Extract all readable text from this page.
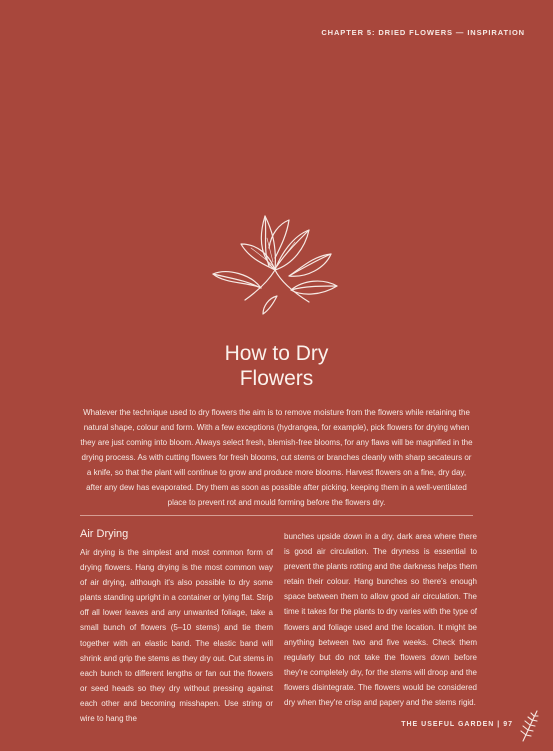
CHAPTER 5: DRIED FLOWERS — INSPIRATION
How to Dry
Flowers
Whatever the technique used to dry flowers the aim is to remove moisture from the flowers while retaining the natural shape, colour and form. With a few exceptions (hydrangea, for example), pick flowers for drying when they are just coming into bloom. Always select fresh, blemish-free blooms, for any flaws will be magnified in the drying process. As with cutting flowers for fresh blooms, cut stems or branches cleanly with sharp secateurs or a knife, so that the plant will continue to grow and produce more blooms. Harvest flowers on a fine, dry day, after any dew has evaporated. Dry them as soon as possible after picking, keeping them in a well-ventilated place to prevent rot and mould forming before the flowers dry.
Air Drying

Air drying is the simplest and most common form of drying flowers. Hang drying is the most common way of air drying, although it's also possible to dry some plants standing upright in a container or lying flat. Strip off all lower leaves and any unwanted foliage, take a small bunch of flowers (5–10 stems) and tie them together with an elastic band. The elastic band will shrink and grip the stems as they dry out. Cut stems in each bunch to different lengths or fan out the flowers or seed heads so they dry without pressing against each other and becoming misshapen. Use string or wire to hang the

bunches upside down in a dry, dark area where there is good air circulation. The dryness is essential to prevent the plants rotting and the darkness helps them retain their colour. Hang bunches so there's enough space between them to allow good air circulation. The time it takes for the plants to dry varies with the type of flowers and foliage used and the location. It might be anything between two and five weeks. Check them regularly but do not take the flowers down before they're completely dry, for the stems will droop and the flowers disintegrate. The flowers would be considered dry when they're crisp and papery and the stems rigid.

THE USEFUL GARDEN | 97
